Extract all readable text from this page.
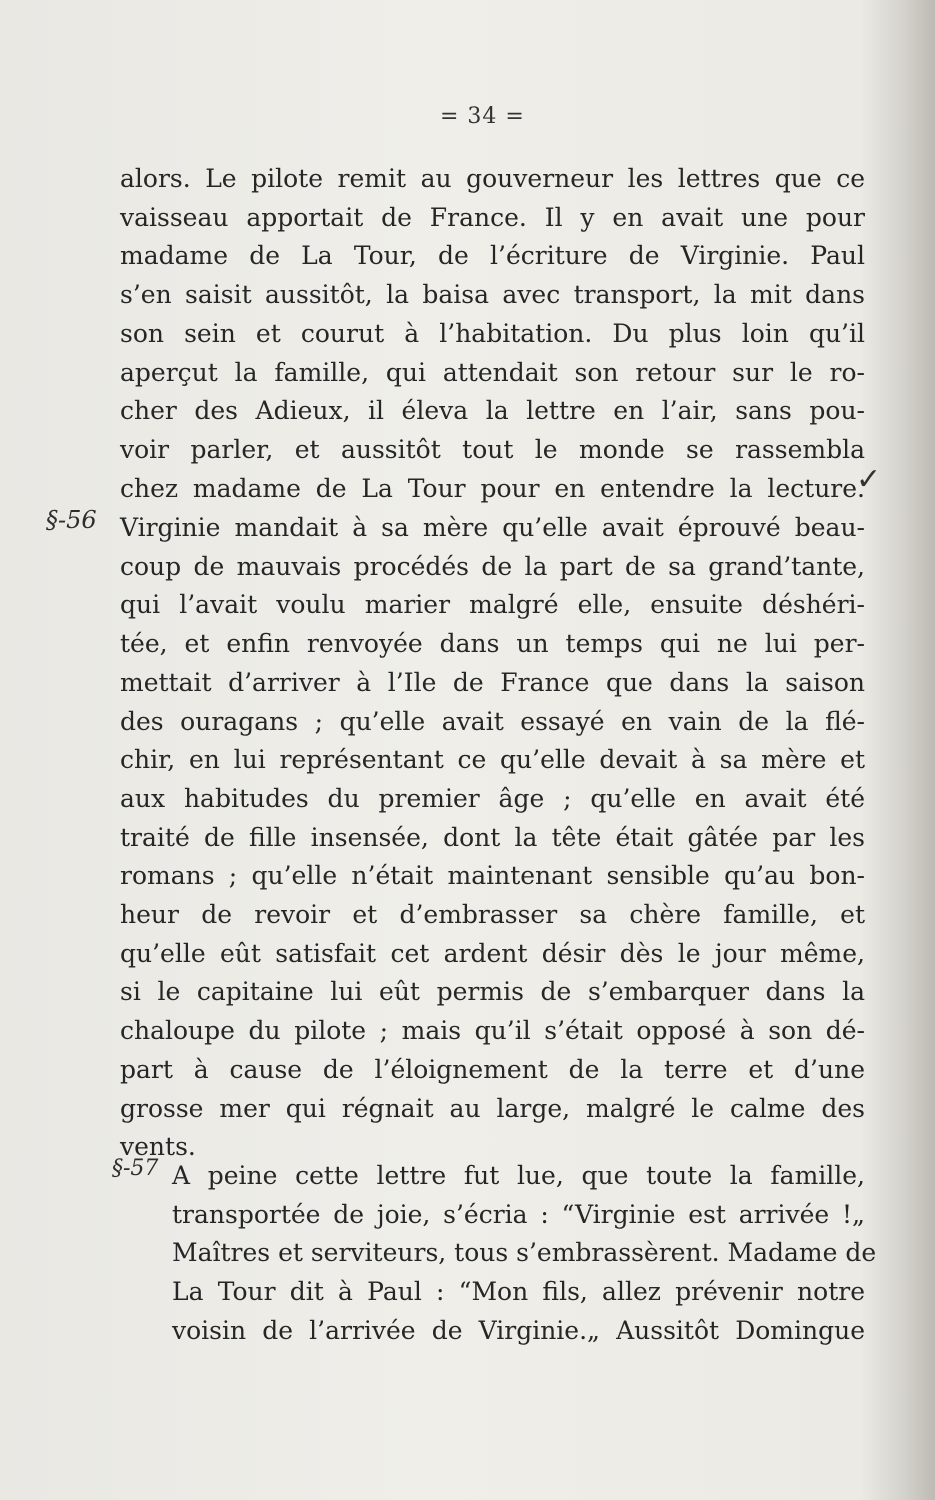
= 34 =
§-56
✓
§-57
alors. Le pilote remit au gouverneur les lettres que ce
vaisseau apportait de France. Il y en avait une pour
madame de La Tour, de l’écriture de Virginie. Paul
s’en saisit aussitôt, la baisa avec transport, la mit dans
son sein et courut à l’habitation. Du plus loin qu’il
aperçut la famille, qui attendait son retour sur le ro-
cher des Adieux, il éleva la lettre en l’air, sans pou-
voir parler, et aussitôt tout le monde se rassembla
chez madame de La Tour pour en entendre la lecture.
Virginie mandait à sa mère qu’elle avait éprouvé beau-
coup de mauvais procédés de la part de sa grand’tante,
qui l’avait voulu marier malgré elle, ensuite déshéri-
tée, et enfin renvoyée dans un temps qui ne lui per-
mettait d’arriver à l’Ile de France que dans la saison
des ouragans ; qu’elle avait essayé en vain de la flé-
chir, en lui représentant ce qu’elle devait à sa mère et
aux habitudes du premier âge ; qu’elle en avait été
traité de fille insensée, dont la tête était gâtée par les
romans ; qu’elle n’était maintenant sensible qu’au bon-
heur de revoir et d’embrasser sa chère famille, et
qu’elle eût satisfait cet ardent désir dès le jour même,
si le capitaine lui eût permis de s’embarquer dans la
chaloupe du pilote ; mais qu’il s’était opposé à son dé-
part à cause de l’éloignement de la terre et d’une
grosse mer qui régnait au large, malgré le calme des
vents.
A peine cette lettre fut lue, que toute la famille,
transportée de joie, s’écria : “Virginie est arrivée !„
Maîtres et serviteurs, tous s’embrassèrent. Madame de
La Tour dit à Paul : “Mon fils, allez prévenir notre
voisin de l’arrivée de Virginie.„ Aussitôt Domingue
